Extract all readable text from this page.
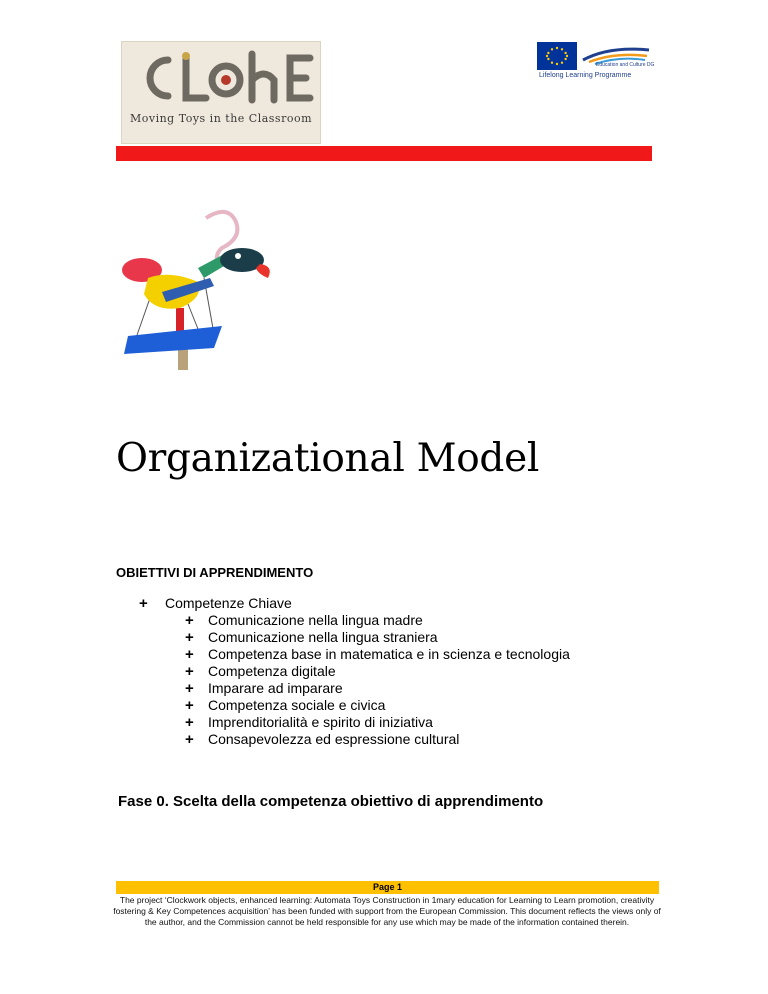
Moving Toys in the Classroom
Education and Culture DG
Lifelong Learning Programme
Organizational Model
OBIETTIVI DI APPRENDIMENTO
+ Competenze Chiave
+ Comunicazione nella lingua madre
+ Comunicazione nella lingua straniera
+ Competenza base in matematica e in scienza e tecnologia
+ Competenza digitale
+ Imparare ad imparare
+ Competenza sociale e civica
+ Imprenditorialità e spirito di iniziativa
+ Consapevolezza ed espressione cultural
Fase 0. Scelta della competenza obiettivo di apprendimento
Page 1
The project ‘Clockwork objects, enhanced learning: Automata Toys Construction in 1mary education for Learning to Learn promotion, creativity fostering & Key Competences acquisition’ has been funded with support from the European Commission. This document reflects the views only of the author, and the Commission cannot be held responsible for any use which may be made of the information contained therein.
